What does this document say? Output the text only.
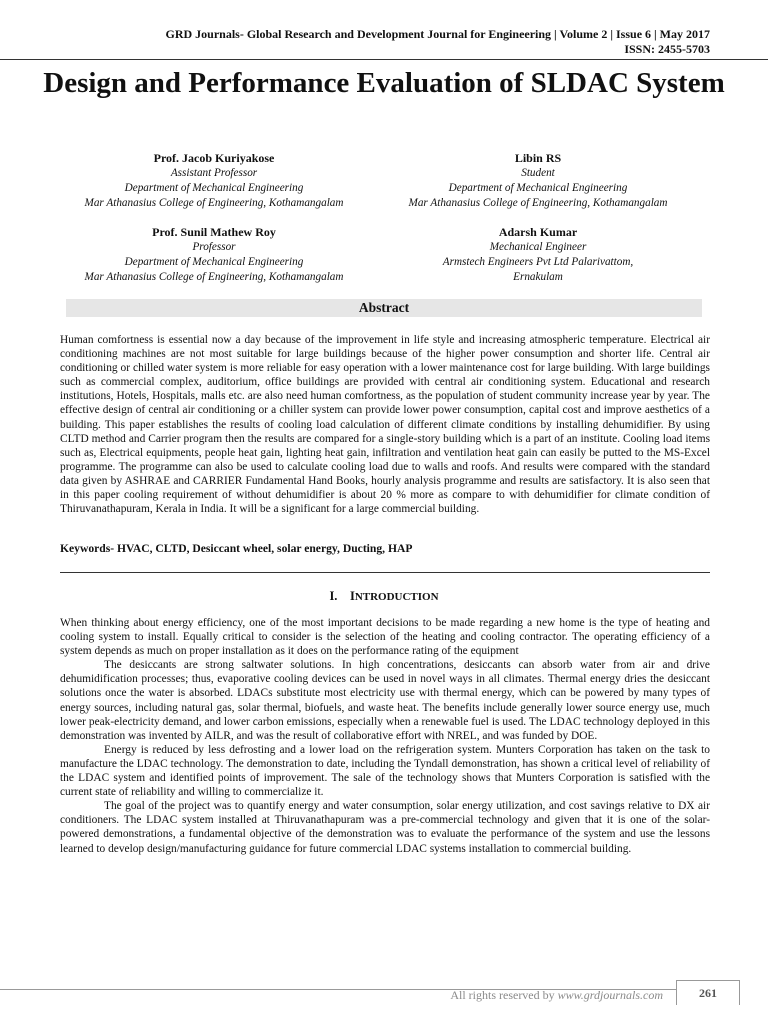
GRD Journals- Global Research and Development Journal for Engineering | Volume 2 | Issue 6 | May 2017
ISSN: 2455-5703
Design and Performance Evaluation of SLDAC System
Prof. Jacob Kuriyakose
Assistant Professor
Department of Mechanical Engineering
Mar Athanasius College of Engineering, Kothamangalam
Libin RS
Student
Department of Mechanical Engineering
Mar Athanasius College of Engineering, Kothamangalam
Prof. Sunil Mathew Roy
Professor
Department of Mechanical Engineering
Mar Athanasius College of Engineering, Kothamangalam
Adarsh Kumar
Mechanical Engineer
Armstech Engineers Pvt Ltd Palarivattom,
Ernakulam
Abstract
Human comfortness is essential now a day because of the improvement in life style and increasing atmospheric temperature. Electrical air conditioning machines are not most suitable for large buildings because of the higher power consumption and shorter life. Central air conditioning or chilled water system is more reliable for easy operation with a lower maintenance cost for large building. With large buildings such as commercial complex, auditorium, office buildings are provided with central air conditioning system. Educational and research institutions, Hotels, Hospitals, malls etc. are also need human comfortness, as the population of student community increase year by year. The effective design of central air conditioning or a chiller system can provide lower power consumption, capital cost and improve aesthetics of a building. This paper establishes the results of cooling load calculation of different climate conditions by installing dehumidifier. By using CLTD method and Carrier program then the results are compared for a single-story building which is a part of an institute. Cooling load items such as, Electrical equipments, people heat gain, lighting heat gain, infiltration and ventilation heat gain can easily be putted to the MS-Excel programme. The programme can also be used to calculate cooling load due to walls and roofs. And results were compared with the standard data given by ASHRAE and CARRIER Fundamental Hand Books, hourly analysis programme and results are satisfactory. It is also seen that in this paper cooling requirement of without dehumidifier is about 20 % more as compare to with dehumidifier for climate condition of Thiruvanathapuram, Kerala in India. It will be a significant for a large commercial building.
Keywords- HVAC, CLTD, Desiccant wheel, solar energy, Ducting, HAP
I. INTRODUCTION

When thinking about energy efficiency, one of the most important decisions to be made regarding a new home is the type of heating and cooling system to install. Equally critical to consider is the selection of the heating and cooling contractor. The operating efficiency of a system depends as much on proper installation as it does on the performance rating of the equipment

The desiccants are strong saltwater solutions. In high concentrations, desiccants can absorb water from air and drive dehumidification processes; thus, evaporative cooling devices can be used in novel ways in all climates. Thermal energy dries the desiccant solutions once the water is absorbed. LDACs substitute most electricity use with thermal energy, which can be powered by many types of energy sources, including natural gas, solar thermal, biofuels, and waste heat. The benefits include generally lower source energy use, much lower peak-electricity demand, and lower carbon emissions, especially when a renewable fuel is used. The LDAC technology deployed in this demonstration was invented by AILR, and was the result of collaborative effort with NREL, and was funded by DOE.

Energy is reduced by less defrosting and a lower load on the refrigeration system. Munters Corporation has taken on the task to manufacture the LDAC technology. The demonstration to date, including the Tyndall demonstration, has shown a critical level of reliability of the LDAC system and identified points of improvement. The sale of the technology shows that Munters Corporation is satisfied with the current state of reliability and willing to commercialize it.

The goal of the project was to quantify energy and water consumption, solar energy utilization, and cost savings relative to DX air conditioners. The LDAC system installed at Thiruvanathapuram was a pre-commercial technology and given that it is one of the solar-powered demonstrations, a fundamental objective of the demonstration was to evaluate the performance of the system and use the lessons learned to develop design/manufacturing guidance for future commercial LDAC systems installation to commercial building.

All rights reserved by www.grdjournals.com	261
